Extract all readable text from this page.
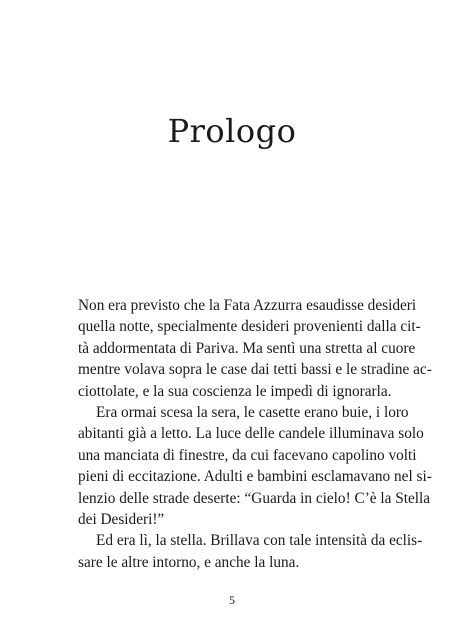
Prologo
Non era previsto che la Fata Azzurra esaudisse desideri
quella notte, specialmente desideri provenienti dalla cit-
tà addormentata di Pariva. Ma sentì una stretta al cuore
mentre volava sopra le case dai tetti bassi e le stradine ac-
ciottolate, e la sua coscienza le impedì di ignorarla.
Era ormai scesa la sera, le casette erano buie, i loro
abitanti già a letto. La luce delle candele illuminava solo
una manciata di finestre, da cui facevano capolino volti
pieni di eccitazione. Adulti e bambini esclamavano nel si-
lenzio delle strade deserte: “Guarda in cielo! C’è la Stella
dei Desideri!”
Ed era lì, la stella. Brillava con tale intensità da eclis-
sare le altre intorno, e anche la luna.
5
